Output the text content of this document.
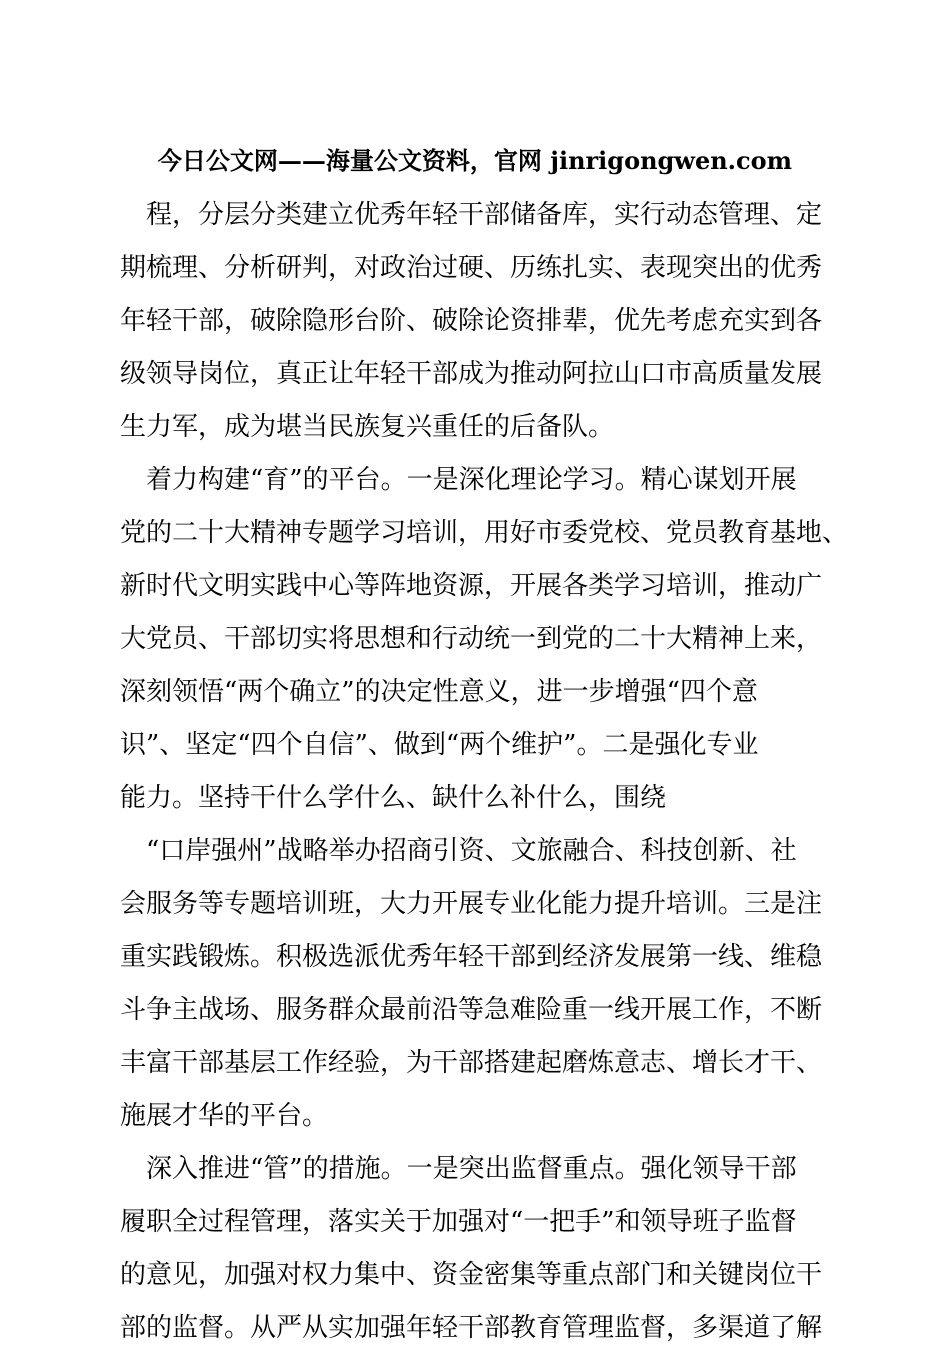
今日公文网——海量公文资料，官网 jinrigongwen.com
　程，分层分类建立优秀年轻干部储备库，实行动态管理、定
期梳理、分析研判，对政治过硬、历练扎实、表现突出的优秀
年轻干部，破除隐形台阶、破除论资排辈，优先考虑充实到各
级领导岗位，真正让年轻干部成为推动阿拉山口市高质量发展
生力军，成为堪当民族复兴重任的后备队。
　着力构建“育”的平台。一是深化理论学习。精心谋划开展
党的二十大精神专题学习培训，用好市委党校、党员教育基地、
新时代文明实践中心等阵地资源，开展各类学习培训，推动广
大党员、干部切实将思想和行动统一到党的二十大精神上来，
深刻领悟“两个确立”的决定性意义，进一步增强“四个意
识”、坚定“四个自信”、做到“两个维护”。二是强化专业
能力。坚持干什么学什么、缺什么补什么，围绕
　“口岸强州”战略举办招商引资、文旅融合、科技创新、社
会服务等专题培训班，大力开展专业化能力提升培训。三是注
重实践锻炼。积极选派优秀年轻干部到经济发展第一线、维稳
斗争主战场、服务群众最前沿等急难险重一线开展工作，不断
丰富干部基层工作经验，为干部搭建起磨炼意志、增长才干、
施展才华的平台。
　深入推进“管”的措施。一是突出监督重点。强化领导干部
履职全过程管理，落实关于加强对“一把手”和领导班子监督
的意见，加强对权力集中、资金密集等重点部门和关键岗位干
部的监督。从严从实加强年轻干部教育管理监督，多渠道了解
